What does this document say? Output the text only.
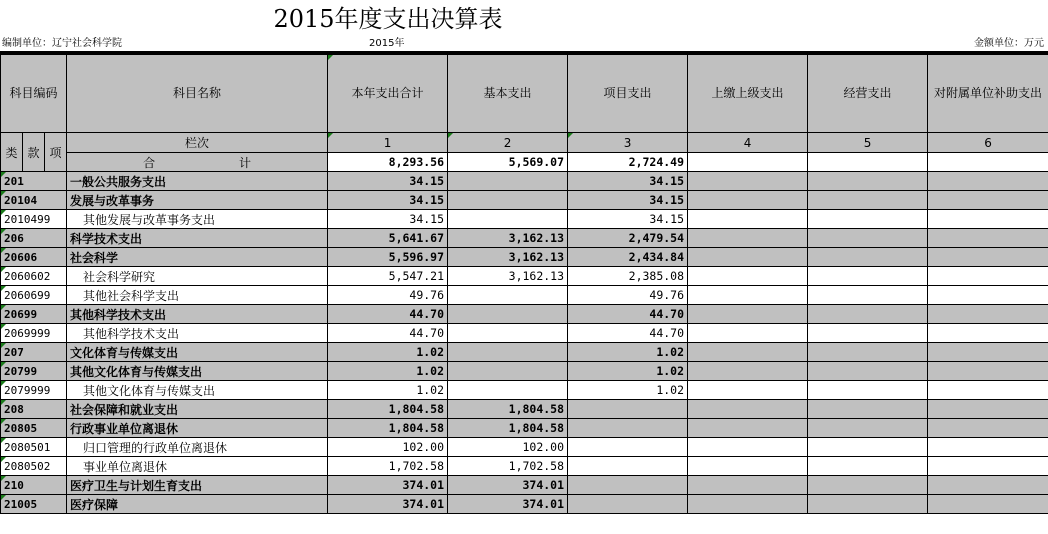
2015年度支出决算表
编制单位：辽宁社会科学院	2015年	金额单位：万元
科目编码			科目名称	本年支出合计	基本支出	项目支出	上缴上级支出	经营支出	对附属单位补助支出
类	款	项	栏次	1	2	3	4	5	6
			合 计	8,293.56	5,569.07	2,724.49			
201			一般公共服务支出	34.15		34.15			
20104			发展与改革事务	34.15		34.15			
2010499			其他发展与改革事务支出	34.15		34.15			
206			科学技术支出	5,641.67	3,162.13	2,479.54			
20606			社会科学	5,596.97	3,162.13	2,434.84			
2060602			社会科学研究	5,547.21	3,162.13	2,385.08			
2060699			其他社会科学支出	49.76		49.76			
20699			其他科学技术支出	44.70		44.70			
2069999			其他科学技术支出	44.70		44.70			
207			文化体育与传媒支出	1.02		1.02			
20799			其他文化体育与传媒支出	1.02		1.02			
2079999			其他文化体育与传媒支出	1.02		1.02			
208			社会保障和就业支出	1,804.58	1,804.58				
20805			行政事业单位离退休	1,804.58	1,804.58				
2080501			归口管理的行政单位离退休	102.00	102.00				
2080502			事业单位离退休	1,702.58	1,702.58				
210			医疗卫生与计划生育支出	374.01	374.01				
21005			医疗保障	374.01	374.01				
